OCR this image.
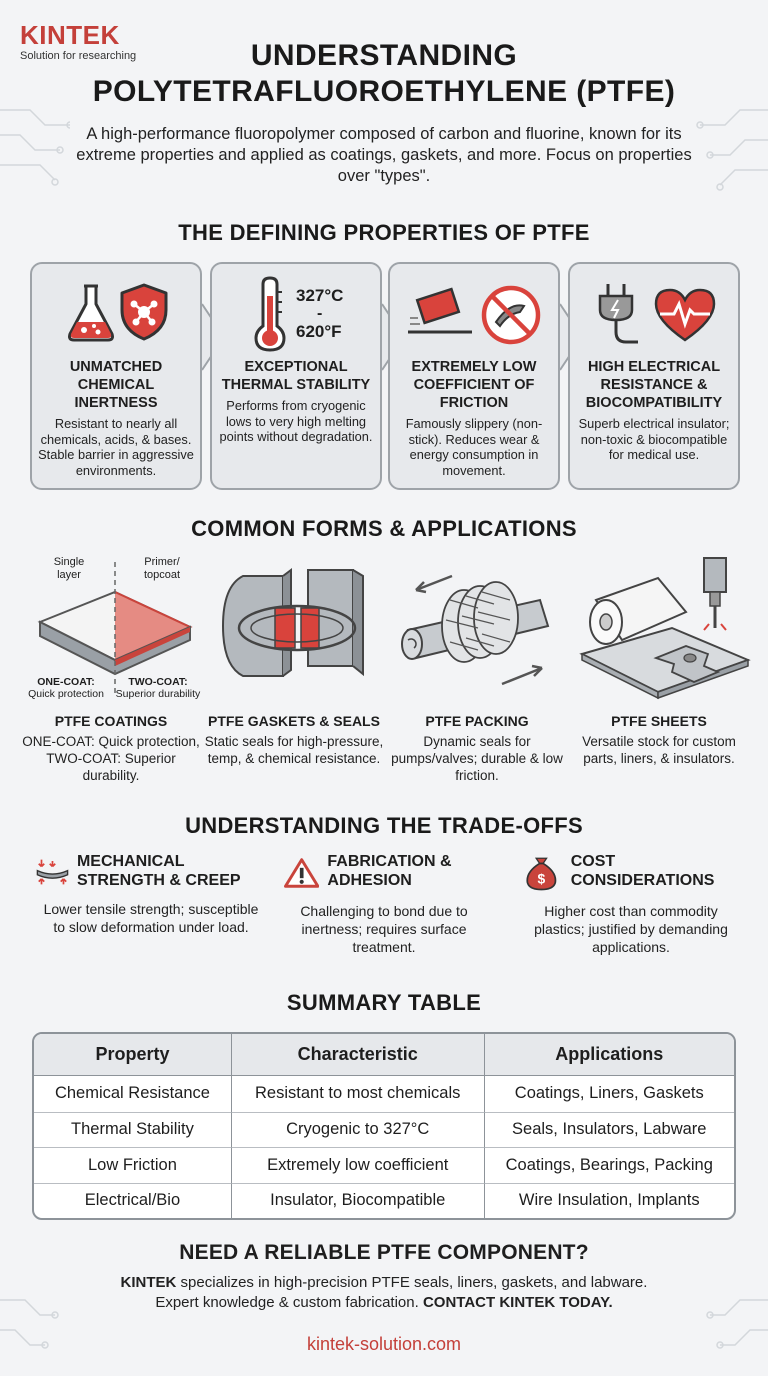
KINTEK
Solution for researching	UNDERSTANDING POLYTETRAFLUOROETHYLENE (PTFE)
A high-performance fluoropolymer composed of carbon and fluorine, known for its extreme properties and applied as coatings, gaskets, and more. Focus on properties over "types".
THE DEFINING PROPERTIES OF PTFE
UNMATCHED CHEMICAL INERTNESS
Resistant to nearly all chemicals, acids, & bases. Stable barrier in aggressive environments.
327°C
-
620°F
EXCEPTIONAL THERMAL STABILITY
Performs from cryogenic lows to very high melting points without degradation.
EXTREMELY LOW COEFFICIENT OF FRICTION
Famously slippery (non-stick). Reduces wear & energy consumption in movement.
HIGH ELECTRICAL RESISTANCE & BIOCOMPATIBILITY
Superb electrical insulator; non-toxic & biocompatible for medical use.
COMMON FORMS & APPLICATIONS
Single layer
Primer/ topcoat
ONE-COAT:
Quick protection
TWO-COAT:
Superior durability
PTFE COATINGS
ONE-COAT: Quick protection, TWO-COAT: Superior durability.
PTFE GASKETS & SEALS
Static seals for high-pressure, temp, & chemical resistance.
PTFE PACKING
Dynamic seals for pumps/valves; durable & low friction.
PTFE SHEETS
Versatile stock for custom parts, liners, & insulators.
UNDERSTANDING THE TRADE-OFFS
MECHANICAL STRENGTH & CREEP
Lower tensile strength; susceptible to slow deformation under load.
FABRICATION & ADHESION
Challenging to bond due to inertness; requires surface treatment.
$
COST CONSIDERATIONS
Higher cost than commodity plastics; justified by demanding applications.
SUMMARY TABLE
Property	Characteristic	Applications
Chemical Resistance	Resistant to most chemicals	Coatings, Liners, Gaskets
Thermal Stability	Cryogenic to 327°C	Seals, Insulators, Labware
Low Friction	Extremely low coefficient	Coatings, Bearings, Packing
Electrical/Bio	Insulator, Biocompatible	Wire Insulation, Implants
NEED A RELIABLE PTFE COMPONENT?
KINTEK specializes in high-precision PTFE seals, liners, gaskets, and labware.
Expert knowledge & custom fabrication. CONTACT KINTEK TODAY.
kintek-solution.com
